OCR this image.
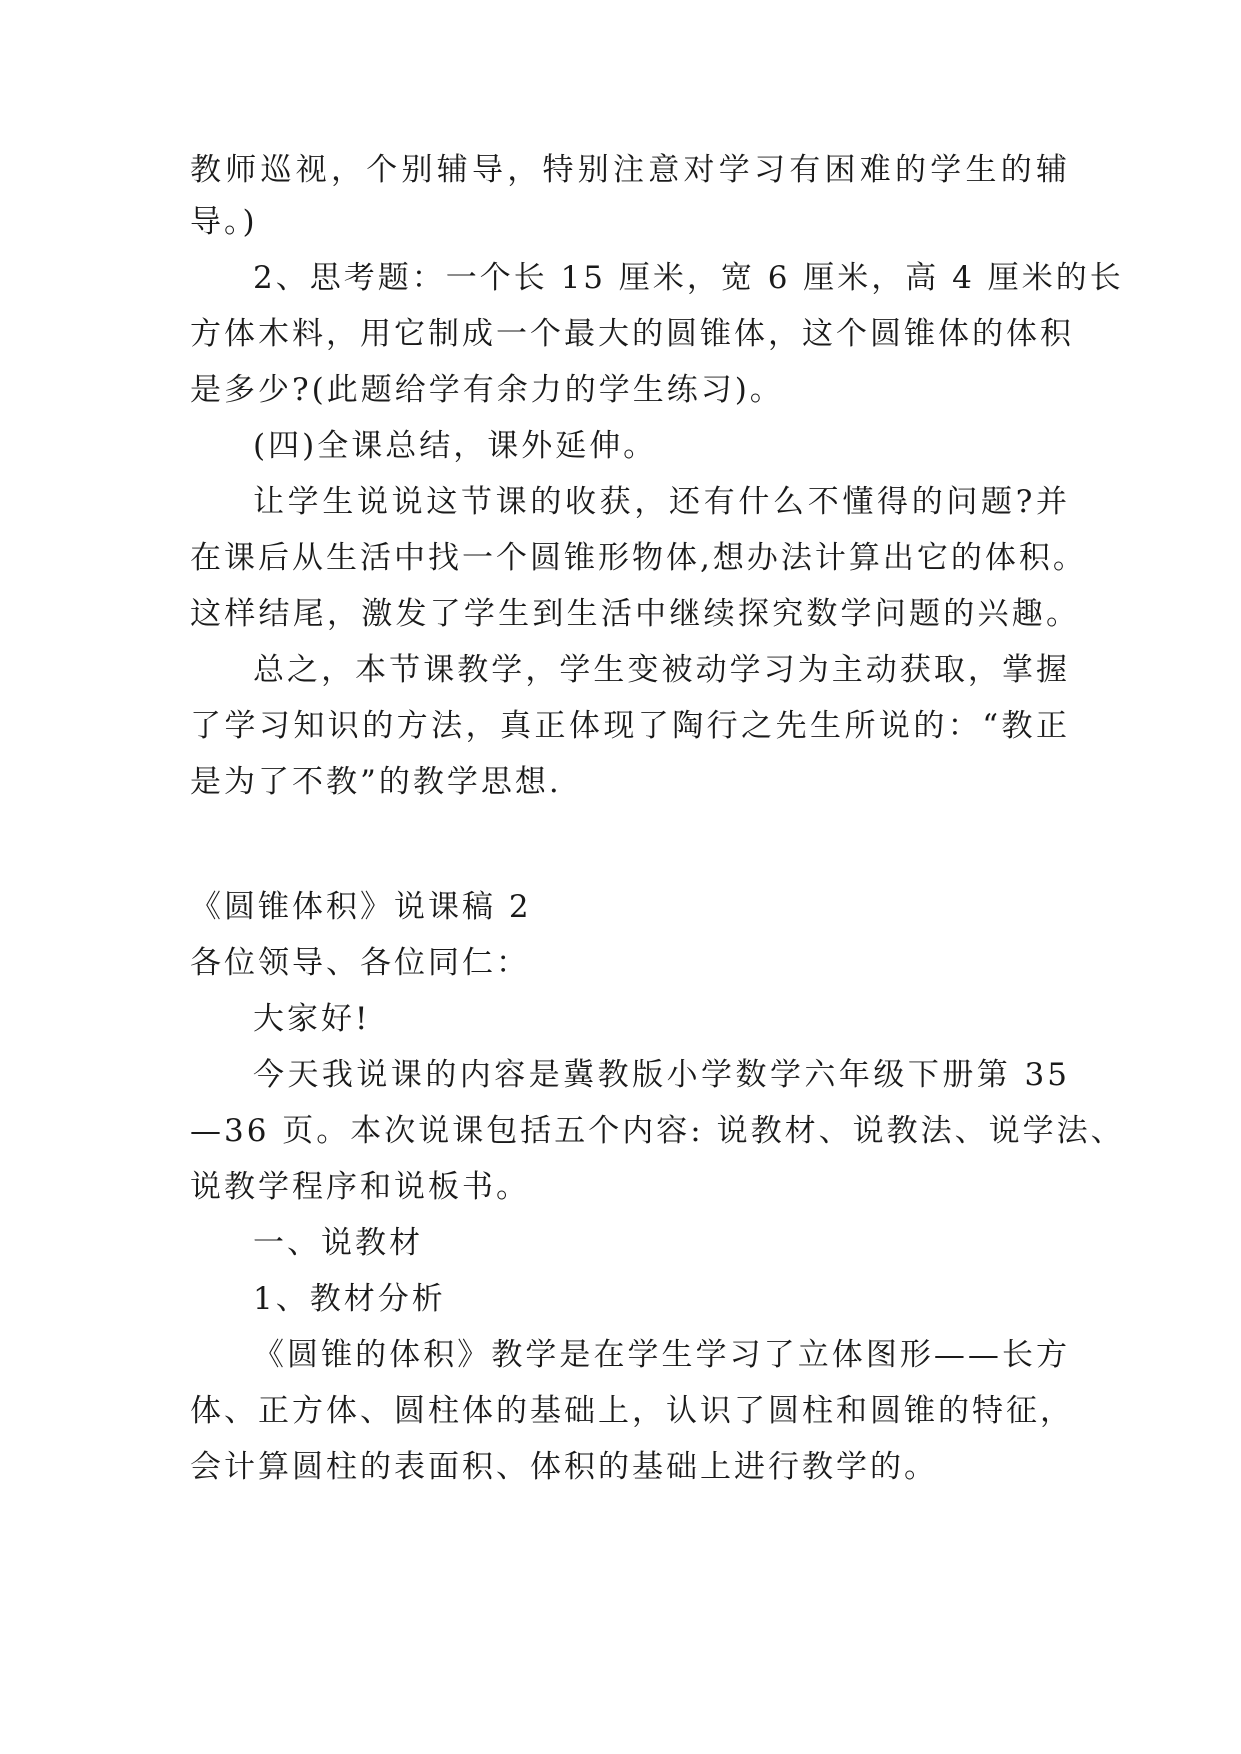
教师巡视，个别辅导，特别注意对学习有困难的学生的辅
导。)
2、思考题：一个长 15 厘米，宽 6 厘米，高 4 厘米的长
方体木料，用它制成一个最大的圆锥体，这个圆锥体的体积
是多少?(此题给学有余力的学生练习)。
(四)全课总结，课外延伸。
让学生说说这节课的收获，还有什么不懂得的问题?并
在课后从生活中找一个圆锥形物体,想办法计算出它的体积。
这样结尾，激发了学生到生活中继续探究数学问题的兴趣。
总之，本节课教学，学生变被动学习为主动获取，掌握
了学习知识的方法，真正体现了陶行之先生所说的：“教正
是为了不教”的教学思想.
《圆锥体积》说课稿 2
各位领导、各位同仁：
大家好!
今天我说课的内容是冀教版小学数学六年级下册第 35
—36 页。本次说课包括五个内容: 说教材、说教法、说学法、
说教学程序和说板书。
一、说教材
1、教材分析
《圆锥的体积》教学是在学生学习了立体图形——长方
体、正方体、圆柱体的基础上，认识了圆柱和圆锥的特征，
会计算圆柱的表面积、体积的基础上进行教学的。
